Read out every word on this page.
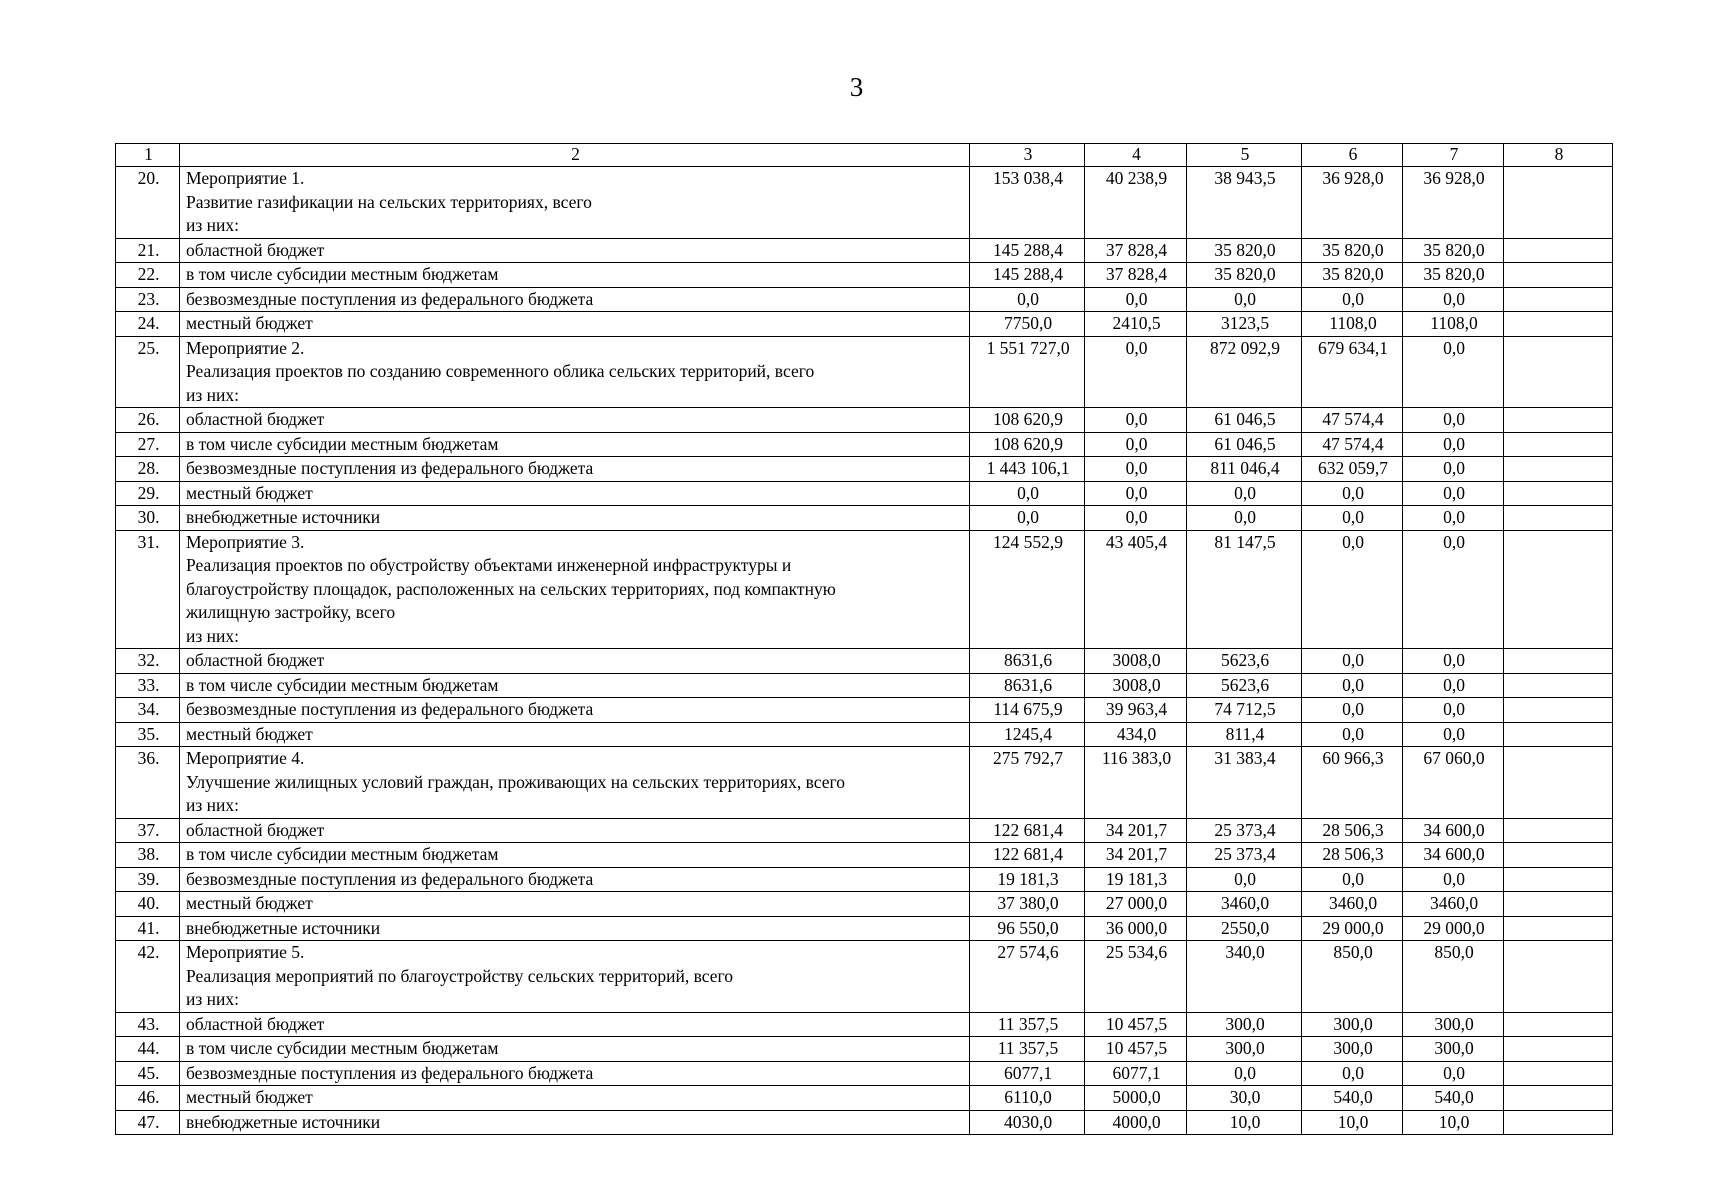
3
1	2	3	4	5	6	7	8
20.	Мероприятие 1.
Развитие газификации на сельских территориях, всего
из них:	153 038,4	40 238,9	38 943,5	36 928,0	36 928,0	
21.	областной бюджет	145 288,4	37 828,4	35 820,0	35 820,0	35 820,0	
22.	в том числе субсидии местным бюджетам	145 288,4	37 828,4	35 820,0	35 820,0	35 820,0	
23.	безвозмездные поступления из федерального бюджета	0,0	0,0	0,0	0,0	0,0	
24.	местный бюджет	7750,0	2410,5	3123,5	1108,0	1108,0	
25.	Мероприятие 2.
Реализация проектов по созданию современного облика сельских территорий, всего
из них:	1 551 727,0	0,0	872 092,9	679 634,1	0,0	
26.	областной бюджет	108 620,9	0,0	61 046,5	47 574,4	0,0	
27.	в том числе субсидии местным бюджетам	108 620,9	0,0	61 046,5	47 574,4	0,0	
28.	безвозмездные поступления из федерального бюджета	1 443 106,1	0,0	811 046,4	632 059,7	0,0	
29.	местный бюджет	0,0	0,0	0,0	0,0	0,0	
30.	внебюджетные источники	0,0	0,0	0,0	0,0	0,0	
31.	Мероприятие 3.
Реализация проектов по обустройству объектами инженерной инфраструктуры и
благоустройству площадок, расположенных на сельских территориях, под компактную
жилищную застройку, всего
из них:	124 552,9	43 405,4	81 147,5	0,0	0,0	
32.	областной бюджет	8631,6	3008,0	5623,6	0,0	0,0	
33.	в том числе субсидии местным бюджетам	8631,6	3008,0	5623,6	0,0	0,0	
34.	безвозмездные поступления из федерального бюджета	114 675,9	39 963,4	74 712,5	0,0	0,0	
35.	местный бюджет	1245,4	434,0	811,4	0,0	0,0	
36.	Мероприятие 4.
Улучшение жилищных условий граждан, проживающих на сельских территориях, всего
из них:	275 792,7	116 383,0	31 383,4	60 966,3	67 060,0	
37.	областной бюджет	122 681,4	34 201,7	25 373,4	28 506,3	34 600,0	
38.	в том числе субсидии местным бюджетам	122 681,4	34 201,7	25 373,4	28 506,3	34 600,0	
39.	безвозмездные поступления из федерального бюджета	19 181,3	19 181,3	0,0	0,0	0,0	
40.	местный бюджет	37 380,0	27 000,0	3460,0	3460,0	3460,0	
41.	внебюджетные источники	96 550,0	36 000,0	2550,0	29 000,0	29 000,0	
42.	Мероприятие 5.
Реализация мероприятий по благоустройству сельских территорий, всего
из них:	27 574,6	25 534,6	340,0	850,0	850,0	
43.	областной бюджет	11 357,5	10 457,5	300,0	300,0	300,0	
44.	в том числе субсидии местным бюджетам	11 357,5	10 457,5	300,0	300,0	300,0	
45.	безвозмездные поступления из федерального бюджета	6077,1	6077,1	0,0	0,0	0,0	
46.	местный бюджет	6110,0	5000,0	30,0	540,0	540,0	
47.	внебюджетные источники	4030,0	4000,0	10,0	10,0	10,0	
